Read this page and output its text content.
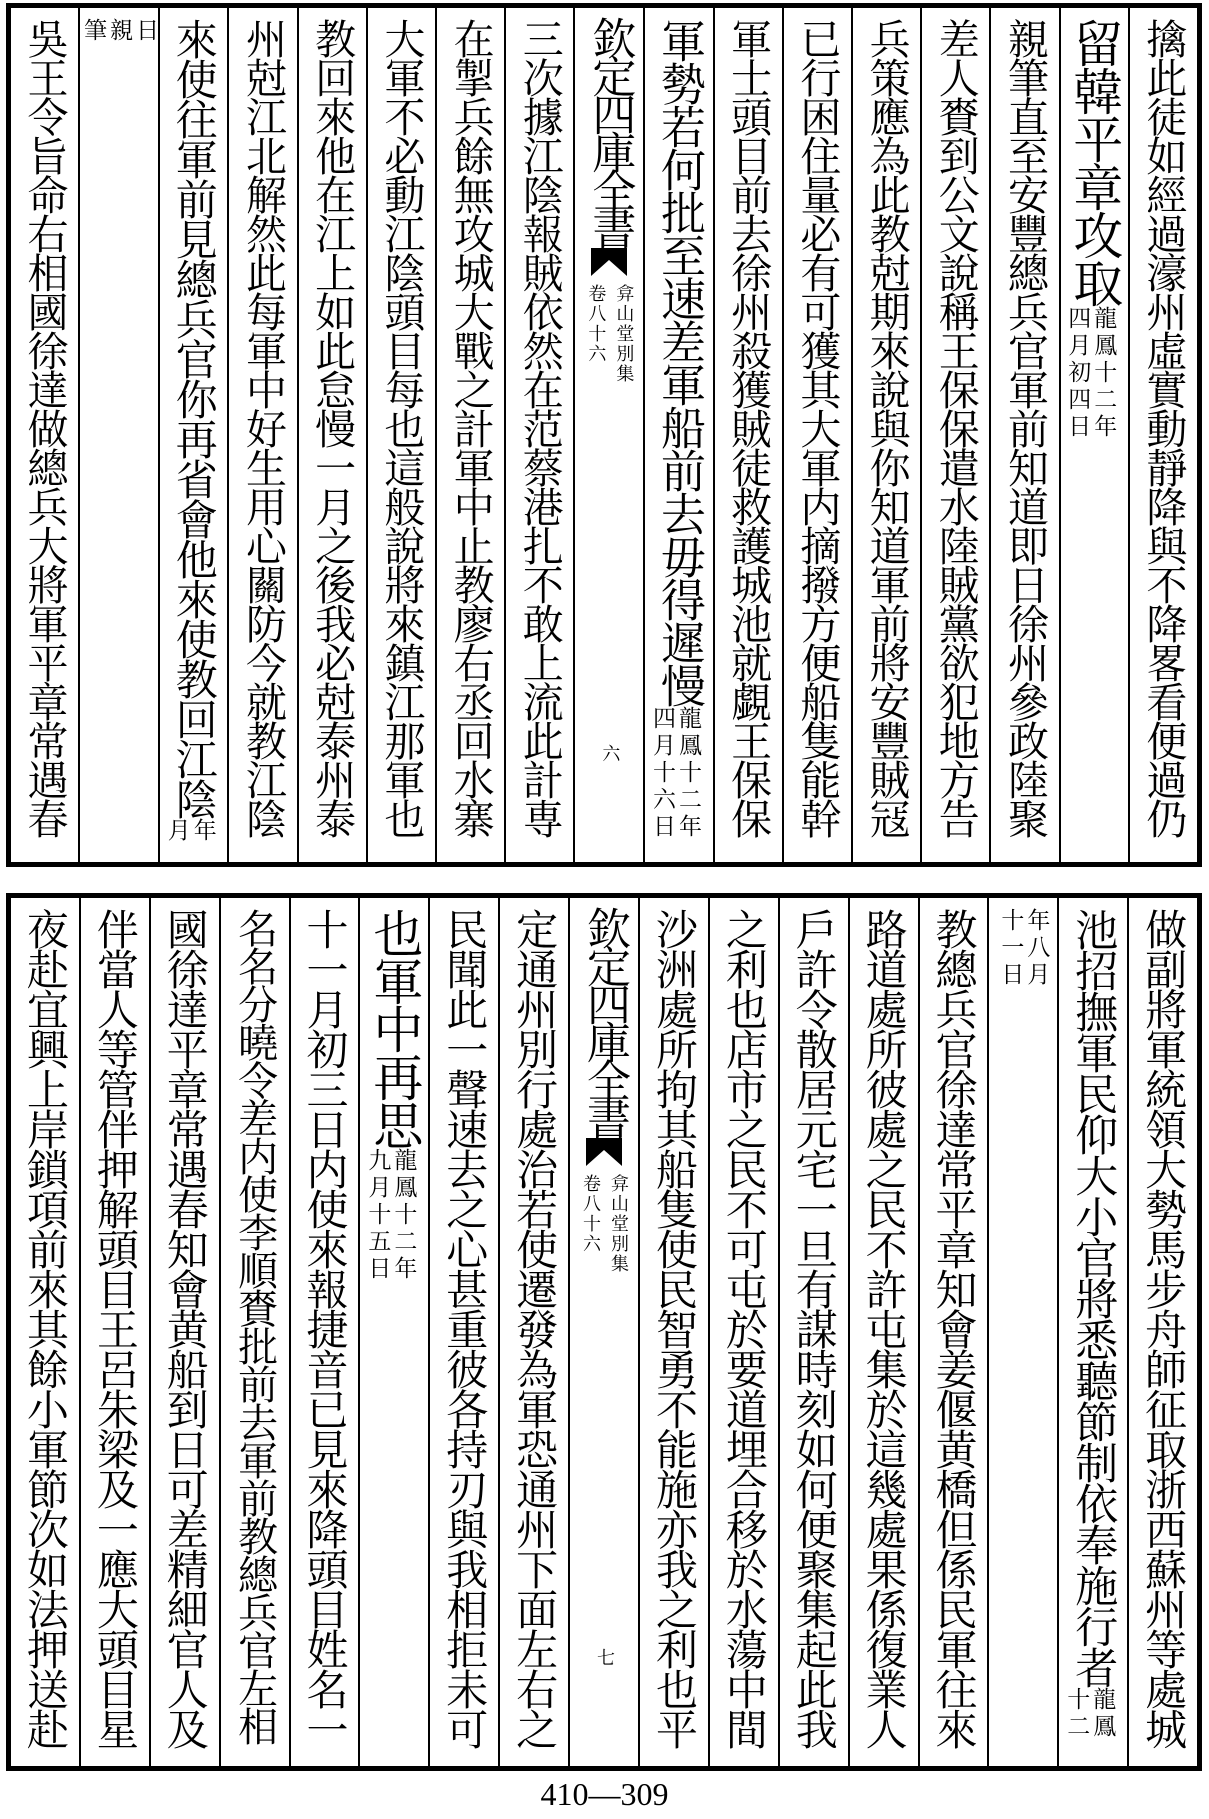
擒此徒如經過濠州虛實動靜降與不降畧看便過仍
留韓平章攻取
龍鳳十二年
四月初四日
親筆直至安豐總兵官軍前知道即日徐州參政陸聚
差人賚到公文說稱王保保遣水陸賊黨欲犯地方告
兵策應為此教尅期來說與你知道軍前將安豐賊冦
已行困住量必有可獲其大軍内摘撥方便船隻能幹
軍士頭目前去徐州殺獲賊徒救護城池就覷王保保
軍勢若何批至速差軍船前去毋得遲慢
龍鳳十二年
四月十六日
欽定四庫全書
弇山堂別集
卷八十六
六
三次據江陰報賊依然在范蔡港扎不敢上流此計専
在掣兵餘無攻城大戰之計軍中止教廖右丞回水寨
大軍不必動江陰頭目每也這般說將來鎮江那軍也
教回來他在江上如此怠慢一月之後我必尅泰州泰
州尅江北解然此每軍中好生用心關防今就教江陰
來使往軍前見總兵官你再省會他來使教回江陰
年
月
日
親
筆
吳王令旨命右相國徐達做總兵大將軍平章常遇春
做副將軍統領大勢馬步舟師征取浙西蘇州等處城
池招撫軍民仰大小官將悉聽節制依奉施行者
龍鳳
十二
年八月
十一日
教總兵官徐達常平章知會姜偃黄橋但係民軍往來
路道處所彼處之民不許屯集於這幾處果係復業人
戶許令散居元宅一旦有謀時刻如何便聚集起此我
之利也店市之民不可屯於要道埋合移於水蕩中間
沙洲處所拘其船隻使民智勇不能施亦我之利也平
欽定四庫全書
弇山堂別集
卷八十六
七
定通州別行處治若使遷發為軍恐通州下面左右之
民聞此一聲速去之心甚重彼各持刃與我相拒未可
也軍中再思
龍鳳十二年
九月十五日
十一月初三日内使來報捷音已見來降頭目姓名一
名名分曉令差内使李順賚批前去軍前教總兵官左相
國徐達平章常遇春知會黄船到日可差精細官人及
伴當人等管伴押解頭目王呂朱梁及一應大頭目星
夜赴宜興上岸鎖項前來其餘小軍節次如法押送赴
410—309
